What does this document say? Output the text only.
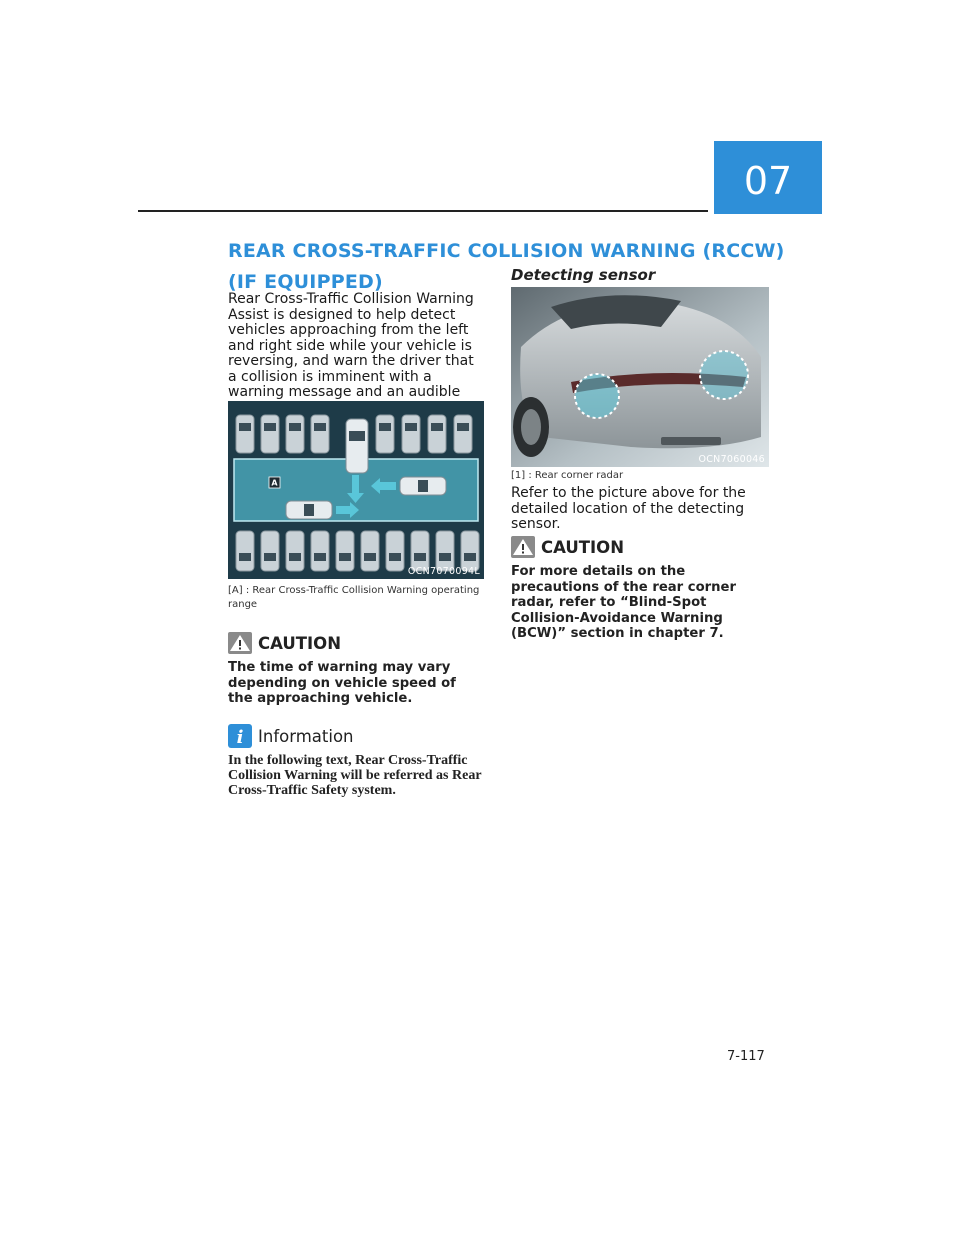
07
REAR CROSS-TRAFFIC COLLISION WARNING (RCCW) (IF EQUIPPED)
Rear Cross-Traffic Collision Warning Assist is designed to help detect vehicles approaching from the left and right side while your vehicle is reversing, and warn the driver that a collision is imminent with a warning message and an audible
A
OCN7070094L
[A] : Rear Cross-Traffic Collision Warning operating range
CAUTION
The time of warning may vary depending on vehicle speed of the approaching vehicle.
i Information
In the following text, Rear Cross-Traffic Collision Warning will be referred as Rear Cross-Traffic Safety system.
Detecting sensor
OCN7060046
[1] : Rear corner radar
Refer to the picture above for the detailed location of the detecting sensor.
CAUTION
For more details on the precautions of the rear corner radar, refer to “Blind-Spot Collision-Avoidance Warning (BCW)” section in chapter 7.
7-117
